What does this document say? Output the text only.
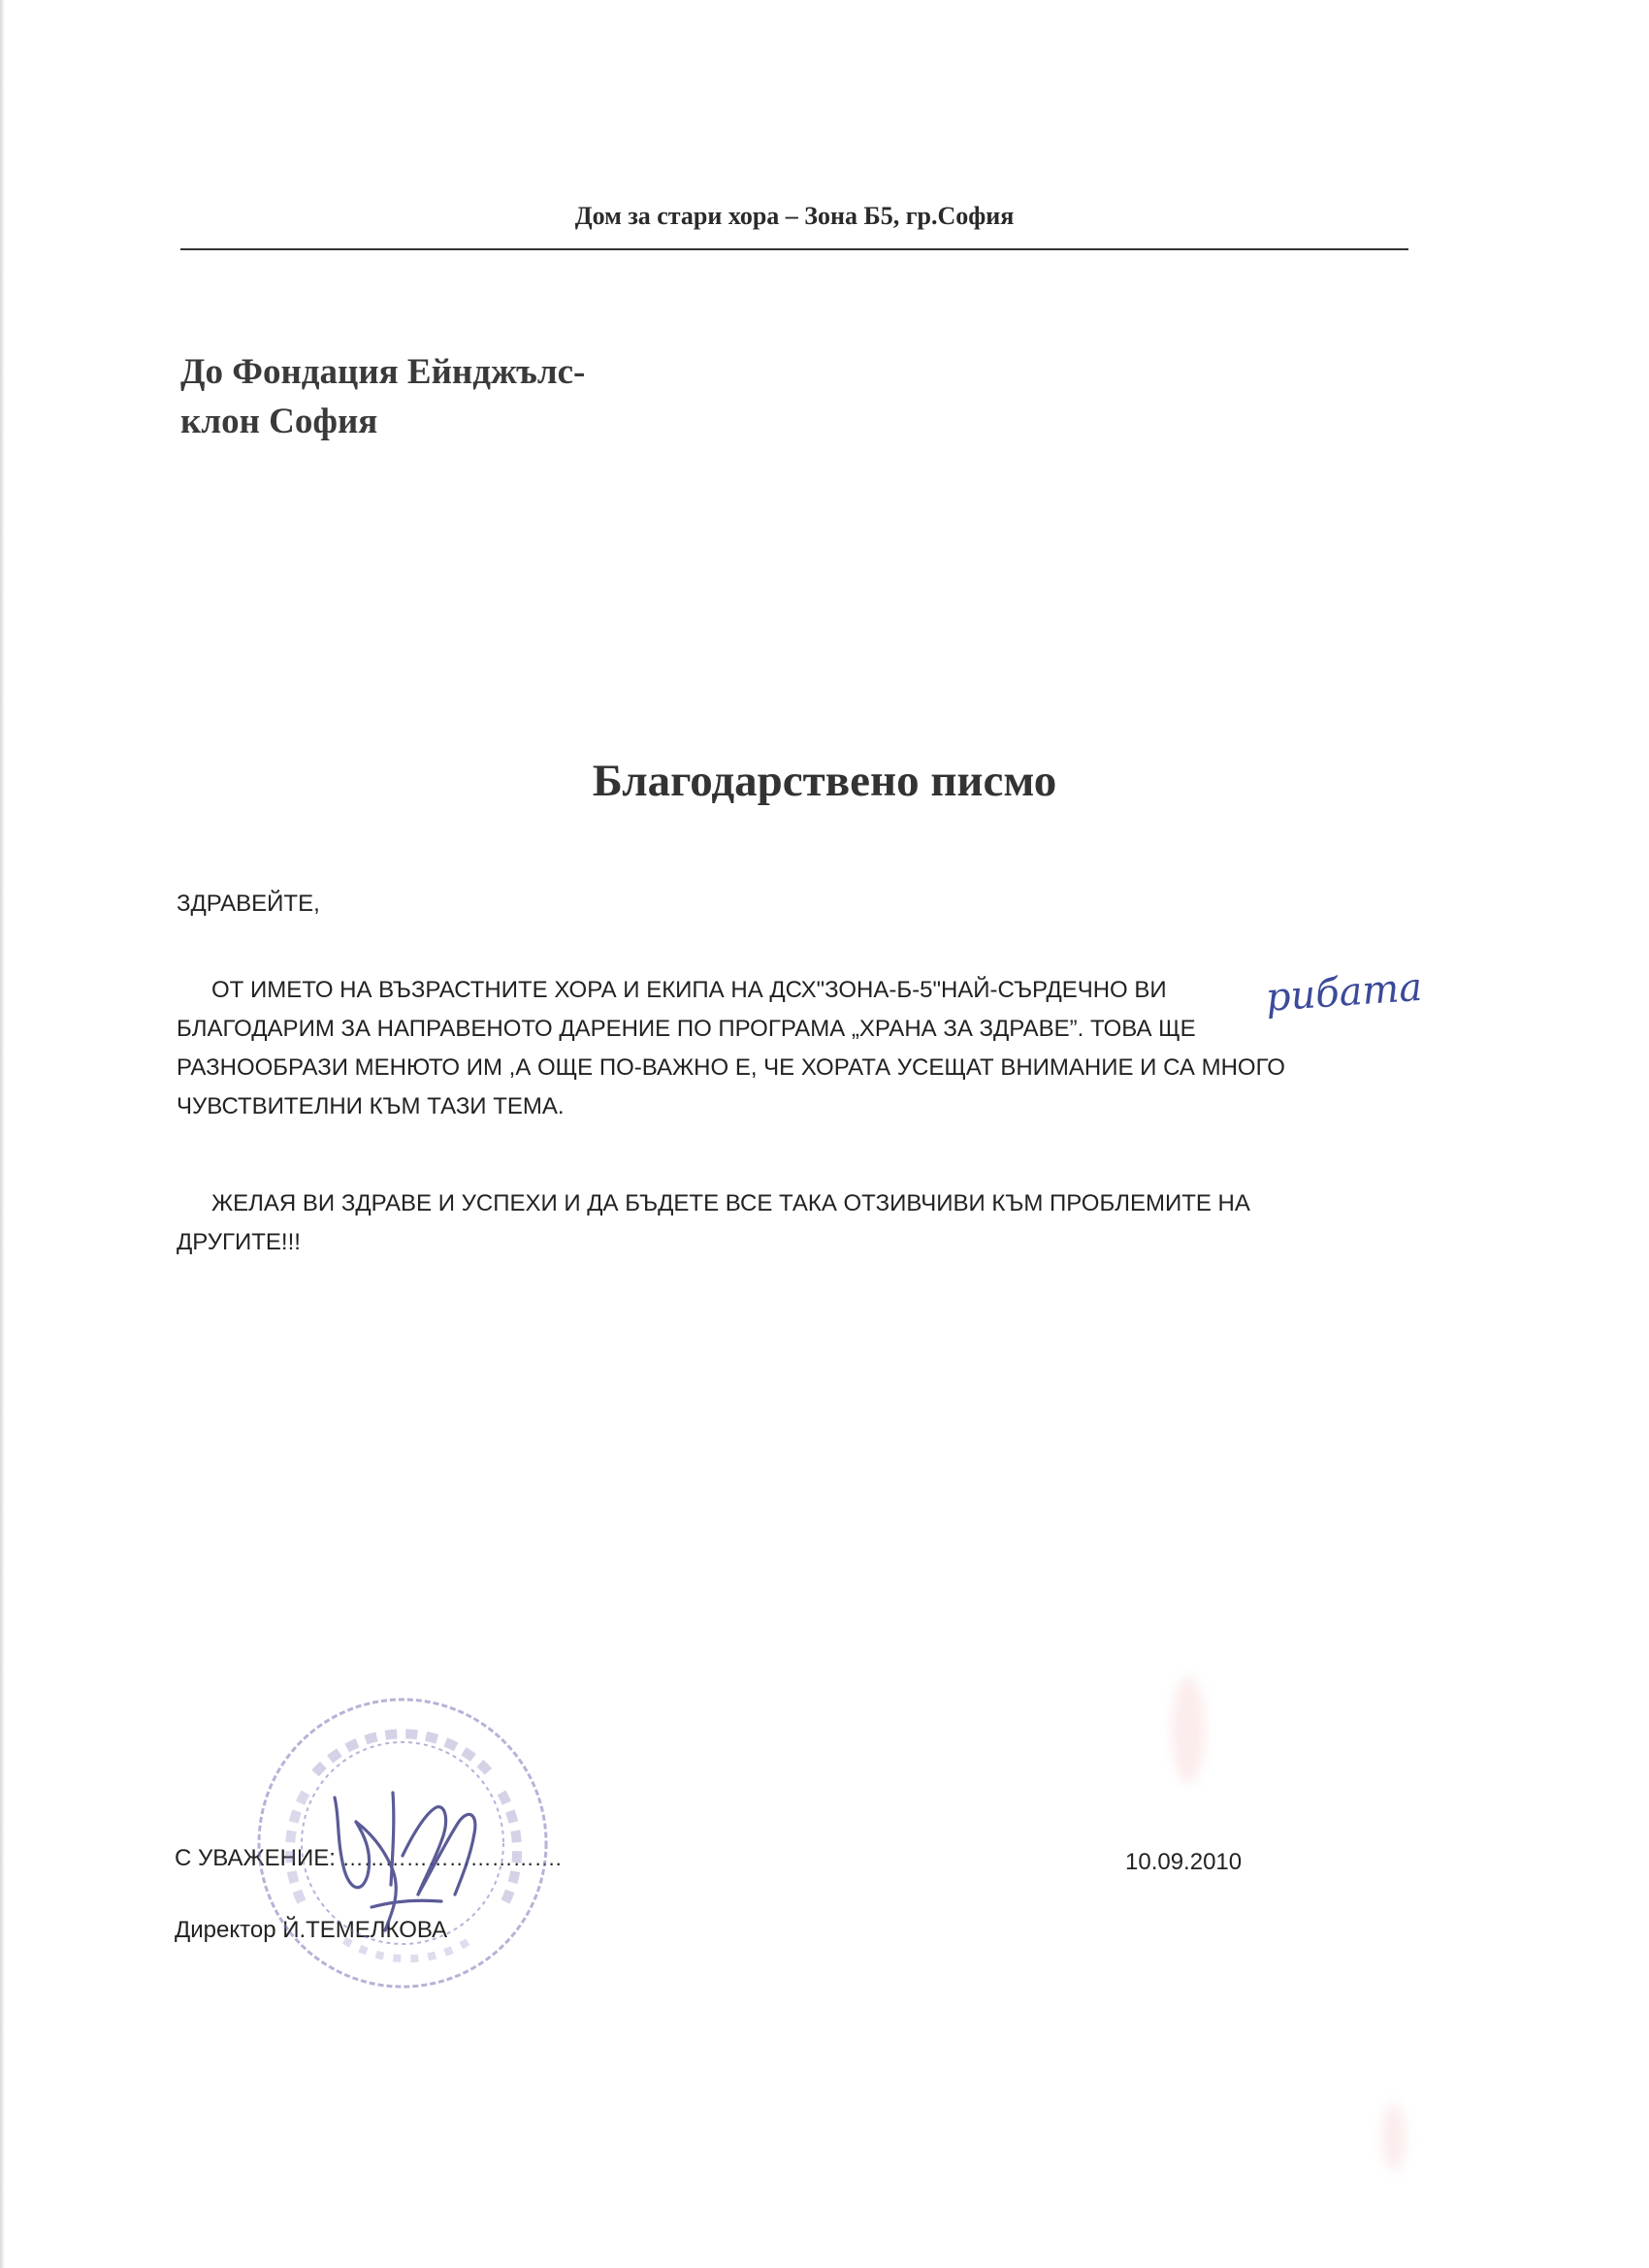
Дом за стари хора – Зона Б5, гр.София
До Фондация Ейнджълс-
клон София
Благодарствено писмо
ЗДРАВЕЙТЕ,
ОТ ИМЕТО НА ВЪЗРАСТНИТЕ ХОРА И ЕКИПА НА ДСХ"ЗОНА-Б-5"НАЙ-СЪРДЕЧНО ВИ
БЛАГОДАРИМ ЗА НАПРАВЕНОТО ДАРЕНИЕ ПО ПРОГРАМА „ХРАНА ЗА ЗДРАВЕ”. ТОВА ЩЕ
РАЗНООБРАЗИ МЕНЮТО ИМ ,А ОЩЕ ПО-ВАЖНО Е, ЧЕ ХОРАТА УСЕЩАТ ВНИМАНИЕ И СА МНОГО
ЧУВСТВИТЕЛНИ КЪМ ТАЗИ ТЕМА.
рибата
ЖЕЛАЯ ВИ ЗДРАВЕ И УСПЕХИ И ДА БЪДЕТЕ ВСЕ ТАКА ОТЗИВЧИВИ КЪМ ПРОБЛЕМИТЕ НА
ДРУГИТЕ!!!
С УВАЖЕНИЕ: ………………………….
Директор Й.ТЕМЕЛКОВА
10.09.2010
